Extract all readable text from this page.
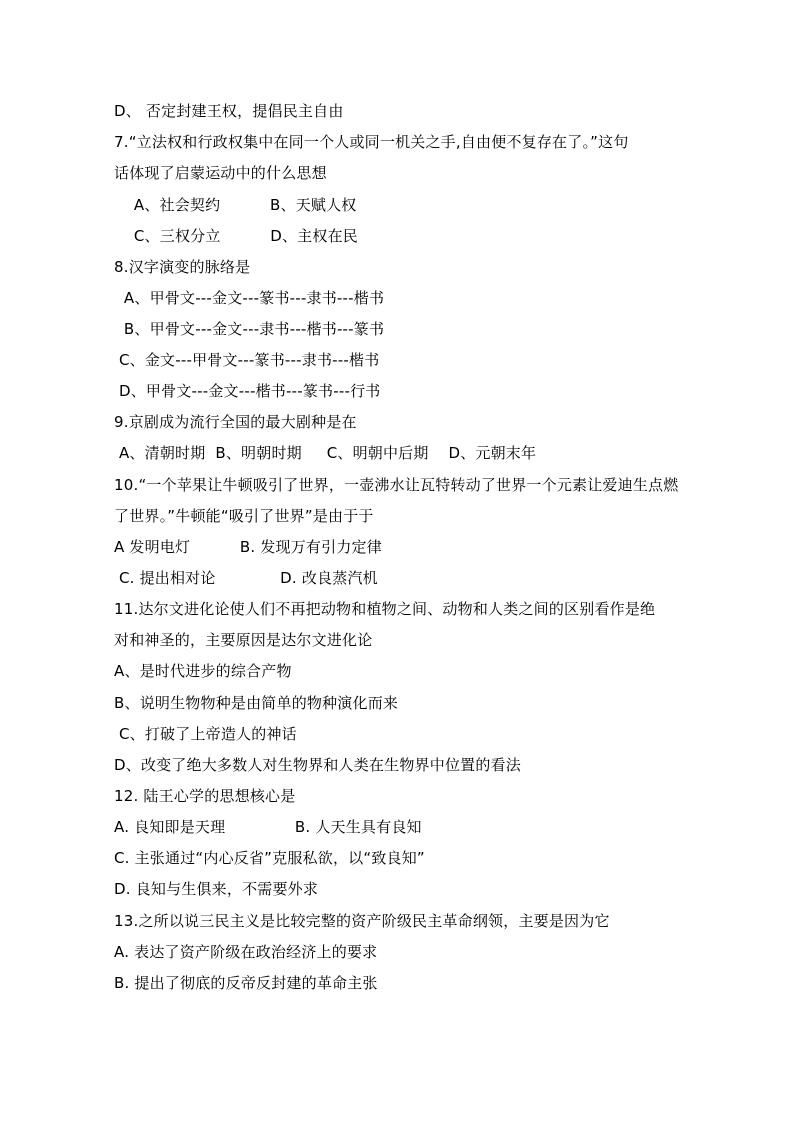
D、 否定封建王权，提倡民主自由
7.“立法权和行政权集中在同一个人或同一机关之手,自由便不复存在了。”这句
话体现了启蒙运动中的什么思想
A、社会契约          B、天赋人权
C、三权分立          D、主权在民
8.汉字演变的脉络是
A、甲骨文---金文---篆书---隶书---楷书
B、甲骨文---金文---隶书---楷书---篆书
C、金文---甲骨文---篆书---隶书---楷书
D、甲骨文---金文---楷书---篆书---行书
9.京剧成为流行全国的最大剧种是在
A、清朝时期  B、明朝时期     C、明朝中后期    D、元朝末年
10.“一个苹果让牛顿吸引了世界，一壶沸水让瓦特转动了世界一个元素让爱迪生点燃
了世界。”牛顿能“吸引了世界”是由于于
A 发明电灯          B. 发现万有引力定律
C. 提出相对论             D. 改良蒸汽机
11.达尔文进化论使人们不再把动物和植物之间、动物和人类之间的区别看作是绝
对和神圣的，主要原因是达尔文进化论
A、是时代进步的综合产物
B、说明生物物种是由简单的物种演化而来
C、打破了上帝造人的神话
D、改变了绝大多数人对生物界和人类在生物界中位置的看法
12. 陆王心学的思想核心是
A. 良知即是天理              B. 人天生具有良知
C. 主张通过“内心反省”克服私欲，以“致良知”
D. 良知与生俱来，不需要外求
13.之所以说三民主义是比较完整的资产阶级民主革命纲领，主要是因为它
A. 表达了资产阶级在政治经济上的要求
B. 提出了彻底的反帝反封建的革命主张
